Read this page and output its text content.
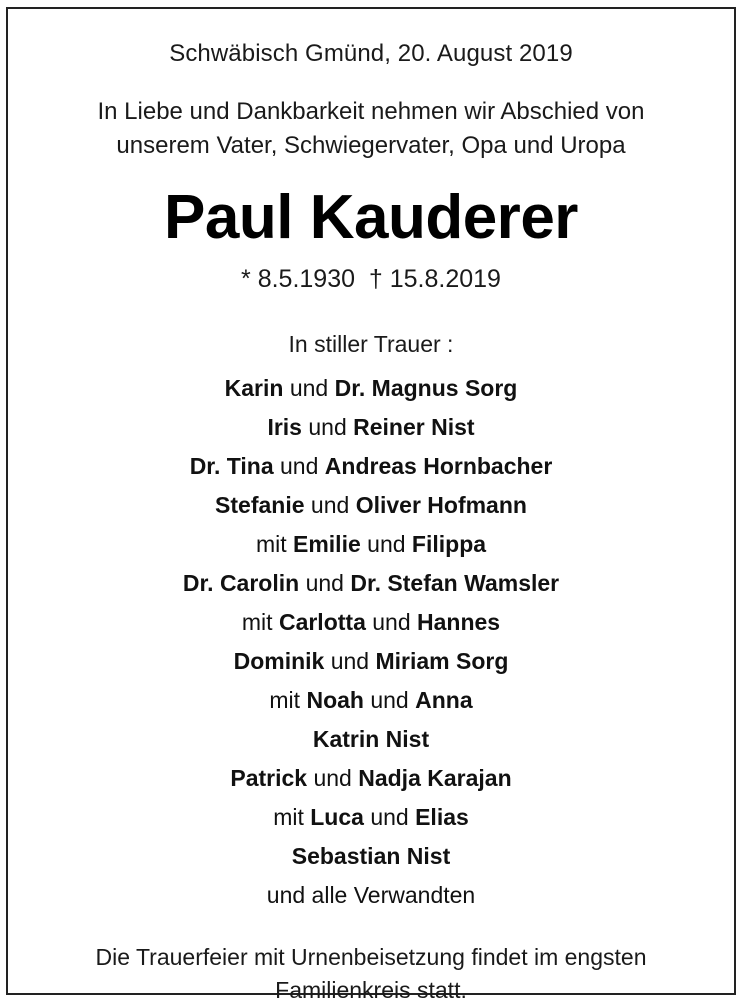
Schwäbisch Gmünd, 20. August 2019

In Liebe und Dankbarkeit nehmen wir Abschied von
unserem Vater, Schwiegervater, Opa und Uropa
Paul Kauderer

* 8.5.1930  † 15.8.2019

In stiller Trauer :

Karin und Dr. Magnus Sorg
Iris und Reiner Nist
Dr. Tina und Andreas Hornbacher
Stefanie und Oliver Hofmann
mit Emilie und Filippa
Dr. Carolin und Dr. Stefan Wamsler
mit Carlotta und Hannes
Dominik und Miriam Sorg
mit Noah und Anna
Katrin Nist
Patrick und Nadja Karajan
mit Luca und Elias
Sebastian Nist
und alle Verwandten
Die Trauerfeier mit Urnenbeisetzung findet im engsten
Familienkreis statt.
